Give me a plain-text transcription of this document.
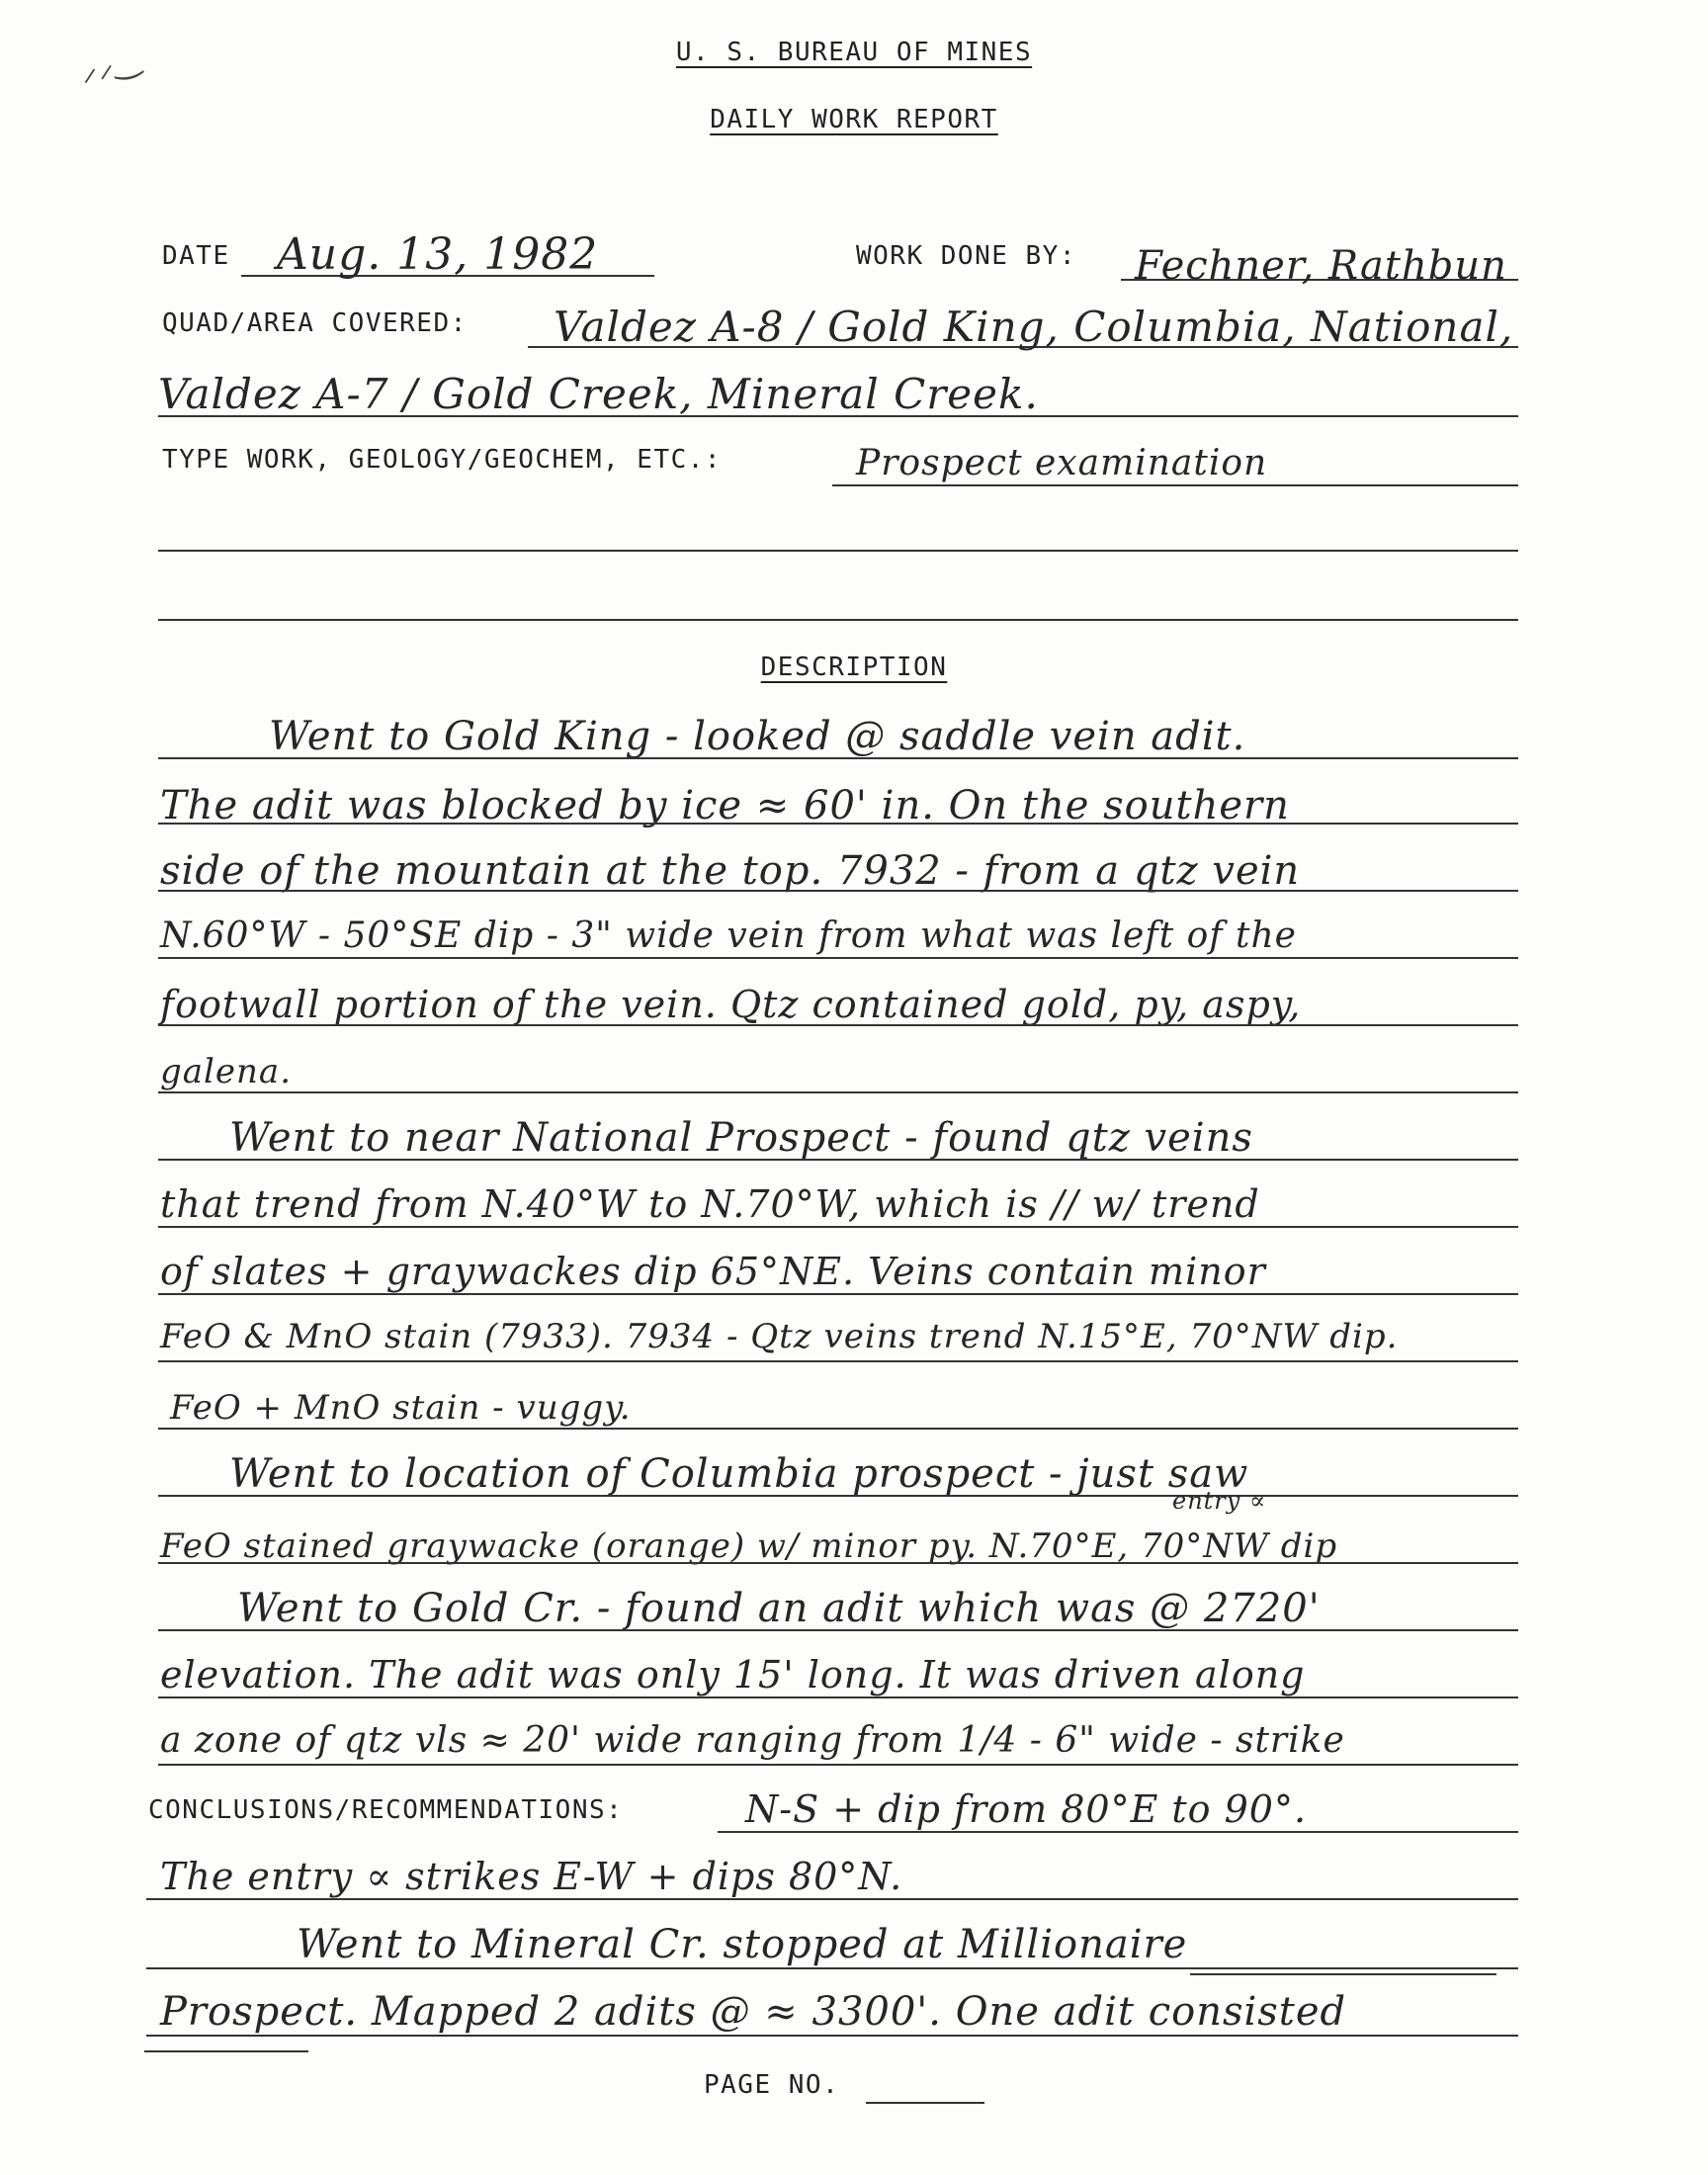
⸝⸝‿	U. S. BUREAU OF MINES
DAILY WORK REPORT
DATE Aug. 13, 1982	WORK DONE BY: Fechner, Rathbun
QUAD/AREA COVERED: Valdez A-8 / Gold King, Columbia, National,
Valdez A-7 / Gold Creek, Mineral Creek.
TYPE WORK, GEOLOGY/GEOCHEM, ETC.:	Prospect examination
DESCRIPTION
Went to Gold King - looked @ saddle vein adit.
The adit was blocked by ice ≈ 60' in. On the southern
side of the mountain at the top. 7932 - from a qtz vein
N.60°W - 50°SE dip - 3" wide vein from what was left of the
footwall portion of the vein. Qtz contained gold, py, aspy,
galena.
Went to near National Prospect - found qtz veins
that trend from N.40°W to N.70°W, which is // w/ trend
of slates + graywackes dip 65°NE. Veins contain minor
FeO & MnO stain (7933). 7934 - Qtz veins trend N.15°E, 70°NW dip.
FeO + MnO stain - vuggy.
Went to location of Columbia prospect - just saw
entry ∝
FeO stained graywacke (orange) w/ minor py. N.70°E, 70°NW dip
Went to Gold Cr. - found an adit which was @ 2720'
elevation. The adit was only 15' long. It was driven along
a zone of qtz vls ≈ 20' wide ranging from 1/4 - 6" wide - strike
CONCLUSIONS/RECOMMENDATIONS:	N-S + dip from 80°E to 90°.
The entry ∝ strikes E-W + dips 80°N.
Went to Mineral Cr. stopped at Millionaire
Prospect. Mapped 2 adits @ ≈ 3300'. One adit consisted
PAGE NO.
